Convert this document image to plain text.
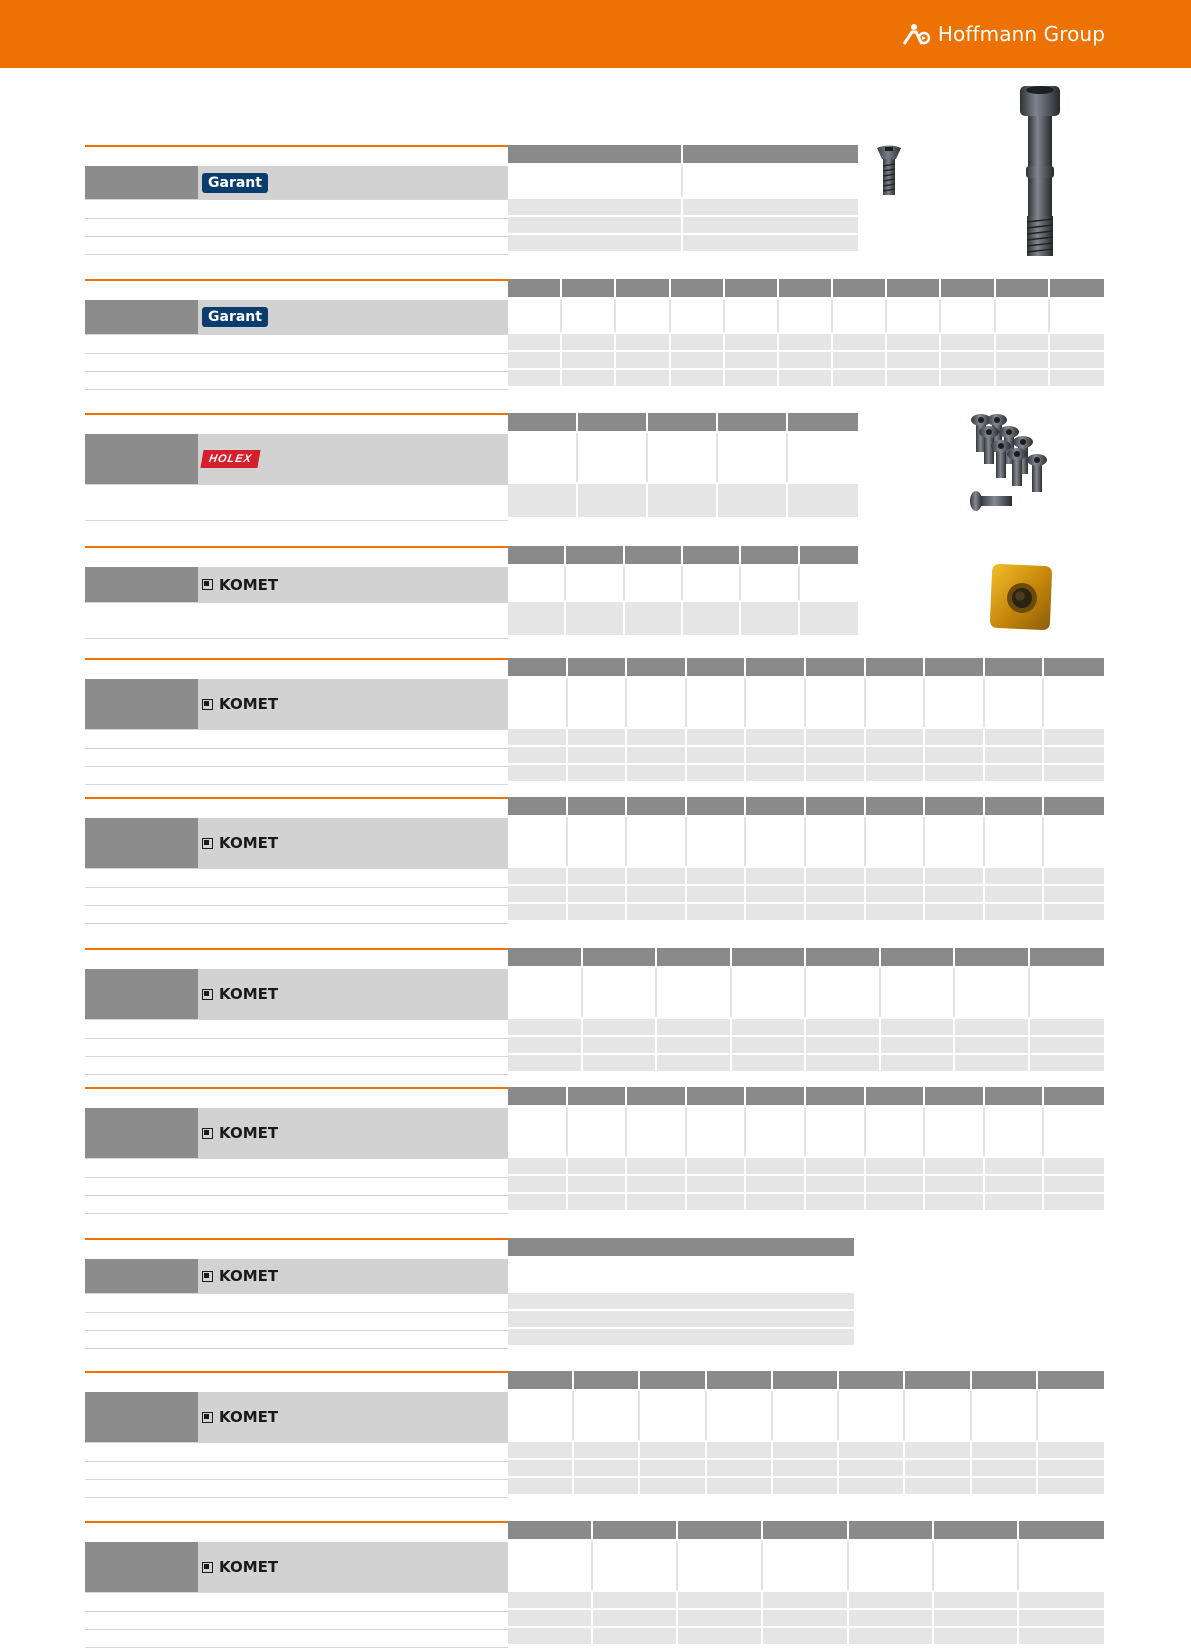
Hoffmann Group
Garant
Garant
HOLEX
KOMET
KOMET
KOMET
KOMET
KOMET
KOMET
KOMET
KOMET
